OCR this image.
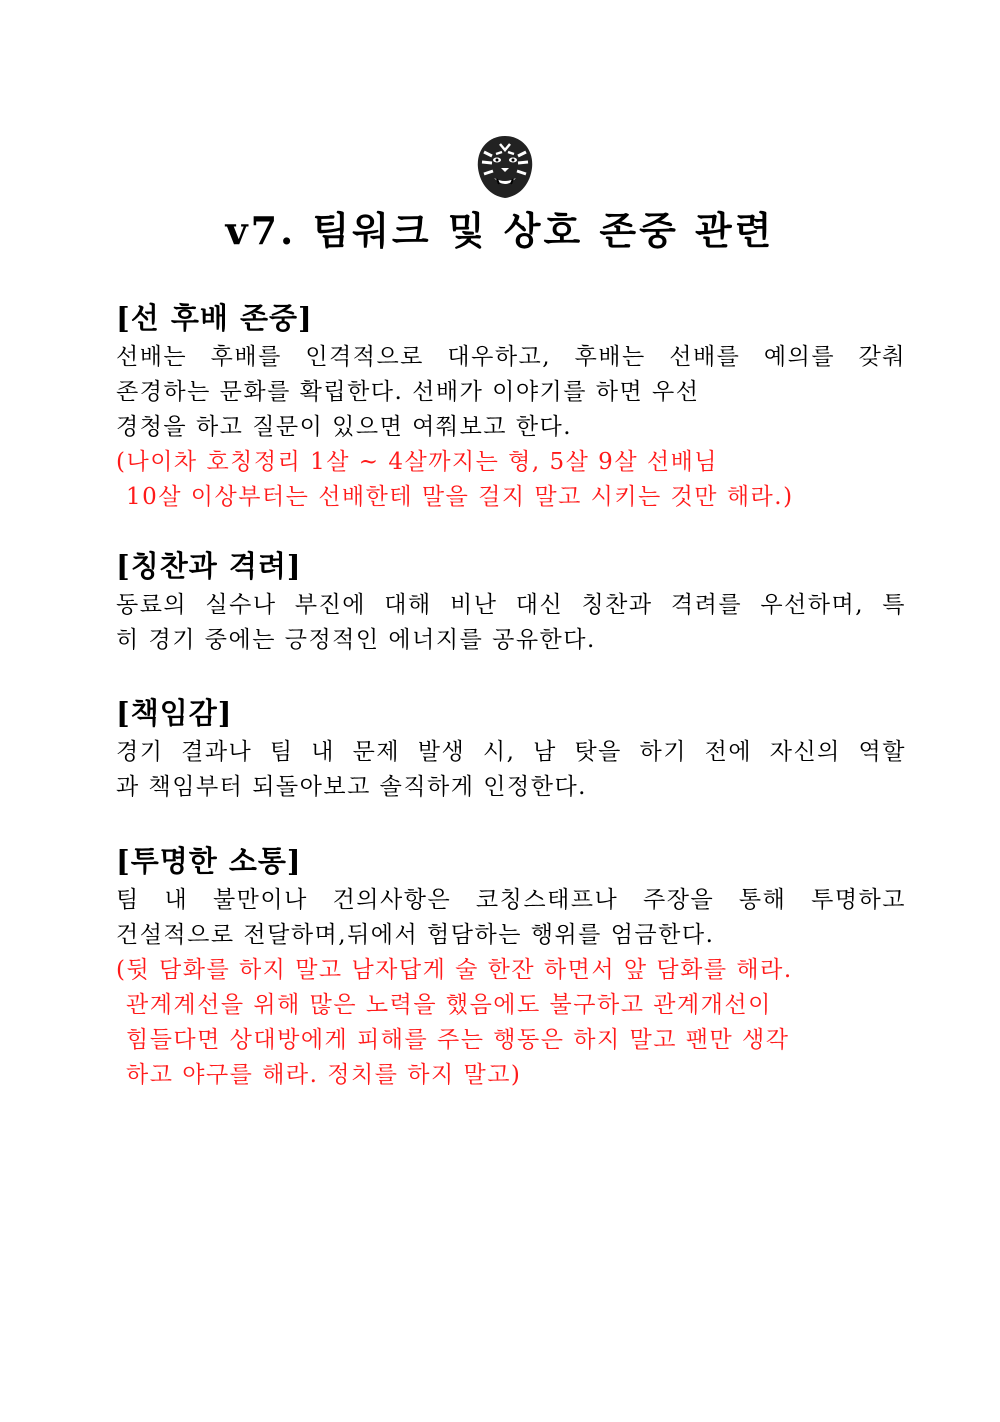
v7. 팀워크 및 상호 존중 관련
[선 후배 존중]
선배는 후배를 인격적으로 대우하고, 후배는 선배를 예의를 갖춰
존경하는 문화를 확립한다. 선배가 이야기를 하면 우선
경청을 하고 질문이 있으면 여쭤보고 한다.
(나이차 호칭정리 1살 ~ 4살까지는 형, 5살 9살 선배님
10살 이상부터는 선배한테 말을 걸지 말고 시키는 것만 해라.)
[칭찬과 격려]
동료의 실수나 부진에 대해 비난 대신 칭찬과 격려를 우선하며, 특
히 경기 중에는 긍정적인 에너지를 공유한다.
[책임감]
경기 결과나 팀 내 문제 발생 시, 남 탓을 하기 전에 자신의 역할
과 책임부터 되돌아보고 솔직하게 인정한다.
[투명한 소통]
팀 내 불만이나 건의사항은 코칭스태프나 주장을 통해 투명하고
건설적으로 전달하며,뒤에서 험담하는 행위를 엄금한다.
(뒷 담화를 하지 말고 남자답게 술 한잔 하면서 앞 담화를 해라.
관계계선을 위해 많은 노력을 했음에도 불구하고 관계개선이
힘들다면 상대방에게 피해를 주는 행동은 하지 말고 팬만 생각
하고 야구를 해라. 정치를 하지 말고)
